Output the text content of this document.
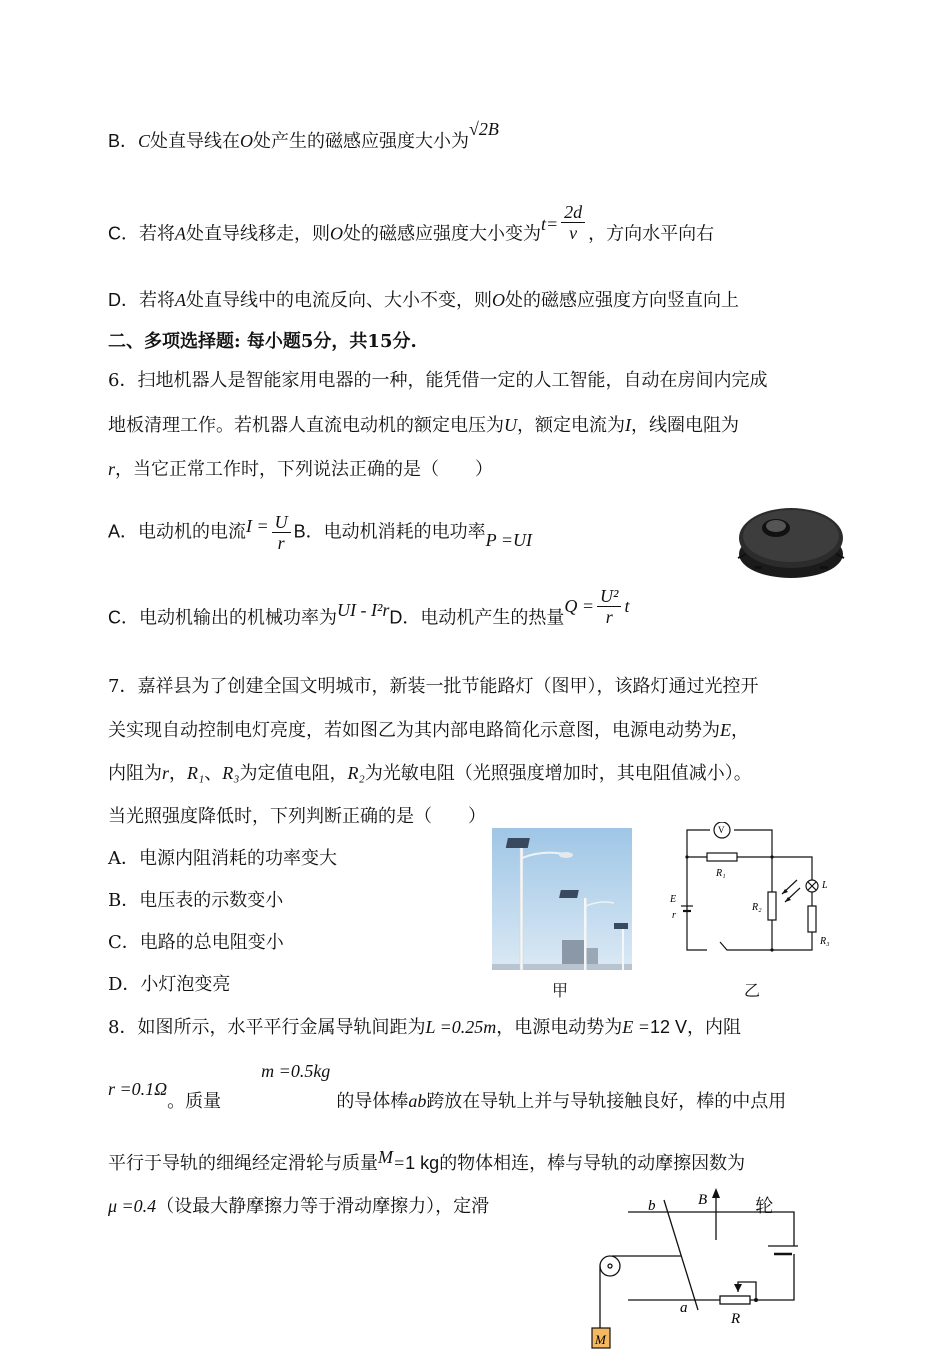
B．C处直导线在O处产生的磁感应强度大小为√2B
C．若将A处直导线移走，则O处的磁感应强度大小变为$t= \frac{2d}{v}$ ，方向水平向右
D．若将A处直导线中的电流反向、大小不变，则O处的磁感应强度方向竖直向上
二、多项选择题: 每小题5分，共15分.
6．扫地机器人是智能家用电器的一种，能凭借一定的人工智能，自动在房间内完成
地板清理工作。若机器人直流电动机的额定电压为U，额定电流为I，线圈电阻为
r，当它正常工作时，下列说法正确的是（　　）
A．电动机的电流$I = \frac{U}{r}$ B．电动机消耗的电功率P =UI
C．电动机输出的机械功率为UI - I²rD．电动机产生的热量$Q = \frac{\text{U²}}{r}$ t
7．嘉祥县为了创建全国文明城市，新装一批节能路灯（图甲），该路灯通过光控开
关实现自动控制电灯亮度，若如图乙为其内部电路简化示意图，电源电动势为E，
内阻为r，R₁、R₃为定值电阻，R₂为光敏电阻（光照强度增加时，其电阻值减小）。
当光照强度降低时，下列判断正确的是（　　）
A．电源内阻消耗的功率变大
B．电压表的示数变小
C．电路的总电阻变小
D．小灯泡变亮	甲
V
R₁
R₂
R₃
L
E
r
乙
8．如图所示，水平平行金属导轨间距为L =0.25m，电源电动势为E =12 V，内阻
r =0.1Ω。质量m =0.5kg的导体棒ab跨放在导轨上并与导轨接触良好，棒的中点用
平行于导轨的细绳经定滑轮与质量M=1 kg的物体相连，棒与导轨的动摩擦因数为
μ =0.4（设最大静摩擦力等于滑动摩擦力），定滑	轮
b	B
a
R
M
